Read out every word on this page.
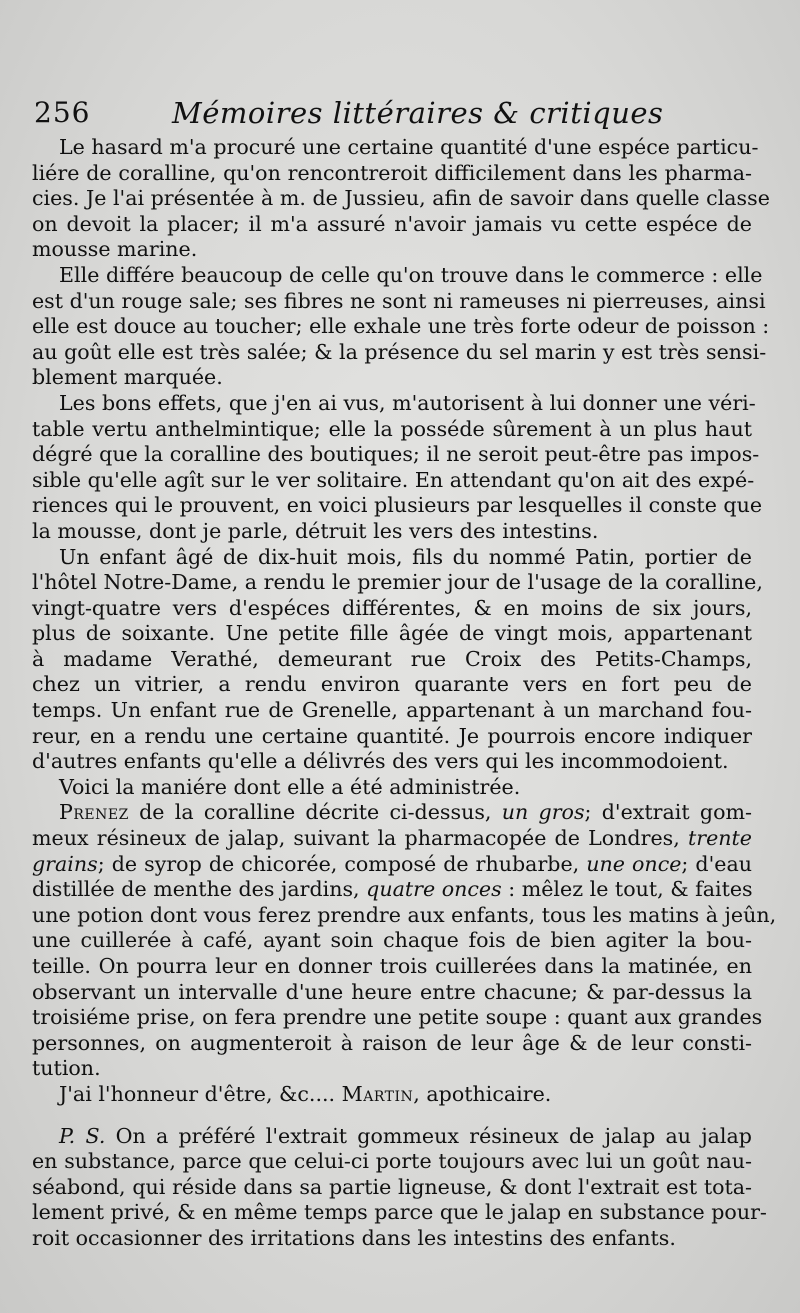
256	Mémoires littéraires & critiques
Le hasard m'a procuré une certaine quantité d'une espéce particu-
liére de coralline, qu'on rencontreroit difficilement dans les pharma-
cies. Je l'ai présentée à m. de Jussieu, afin de savoir dans quelle classe
on devoit la placer; il m'a assuré n'avoir jamais vu cette espéce de
mousse marine.
Elle différe beaucoup de celle qu'on trouve dans le commerce : elle
est d'un rouge sale; ses fibres ne sont ni rameuses ni pierreuses, ainsi
elle est douce au toucher; elle exhale une très forte odeur de poisson :
au goût elle est très salée; & la présence du sel marin y est très sensi-
blement marquée.
Les bons effets, que j'en ai vus, m'autorisent à lui donner une véri-
table vertu anthelmintique; elle la posséde sûrement à un plus haut
dégré que la coralline des boutiques; il ne seroit peut-être pas impos-
sible qu'elle agît sur le ver solitaire. En attendant qu'on ait des expé-
riences qui le prouvent, en voici plusieurs par lesquelles il conste que
la mousse, dont je parle, détruit les vers des intestins.
Un enfant âgé de dix-huit mois, fils du nommé Patin, portier de
l'hôtel Notre-Dame, a rendu le premier jour de l'usage de la coralline,
vingt-quatre vers d'espéces différentes, & en moins de six jours,
plus de soixante. Une petite fille âgée de vingt mois, appartenant
à madame Verathé, demeurant rue Croix des Petits-Champs,
chez un vitrier, a rendu environ quarante vers en fort peu de
temps. Un enfant rue de Grenelle, appartenant à un marchand fou-
reur, en a rendu une certaine quantité. Je pourrois encore indiquer
d'autres enfants qu'elle a délivrés des vers qui les incommodoient.
Voici la maniére dont elle a été administrée.
Prenez de la coralline décrite ci-dessus, un gros; d'extrait gom-
meux résineux de jalap, suivant la pharmacopée de Londres, trente
grains; de syrop de chicorée, composé de rhubarbe, une once; d'eau
distillée de menthe des jardins, quatre onces : mêlez le tout, & faites
une potion dont vous ferez prendre aux enfants, tous les matins à jeûn,
une cuillerée à café, ayant soin chaque fois de bien agiter la bou-
teille. On pourra leur en donner trois cuillerées dans la matinée, en
observant un intervalle d'une heure entre chacune; & par-dessus la
troisiéme prise, on fera prendre une petite soupe : quant aux grandes
personnes, on augmenteroit à raison de leur âge & de leur consti-
tution.
J'ai l'honneur d'être, &c.... Martin, apothicaire.
P. S. On a préféré l'extrait gommeux résineux de jalap au jalap
en substance, parce que celui-ci porte toujours avec lui un goût nau-
séabond, qui réside dans sa partie ligneuse, & dont l'extrait est tota-
lement privé, & en même temps parce que le jalap en substance pour-
roit occasionner des irritations dans les intestins des enfants.
